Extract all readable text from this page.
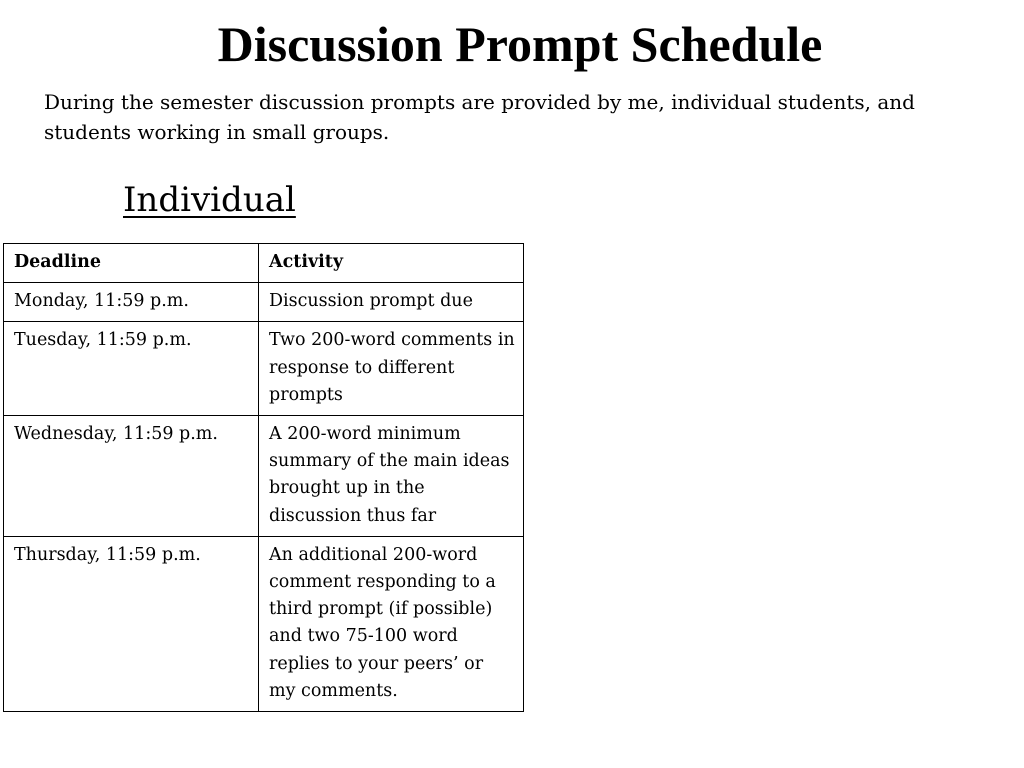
Discussion Prompt Schedule

During the semester discussion prompts are provided by me, individual students, and students working in small groups.

Individual
Deadline	Activity
Monday, 11:59 p.m.	Discussion prompt due
Tuesday, 11:59 p.m.	Two 200-word comments in response to different prompts
Wednesday, 11:59 p.m.	A 200-word minimum summary of the main ideas brought up in the discussion thus far
Thursday, 11:59 p.m.	An additional 200-word comment responding to a third prompt (if possible) and two 75-100 word replies to your peers’ or my comments.
